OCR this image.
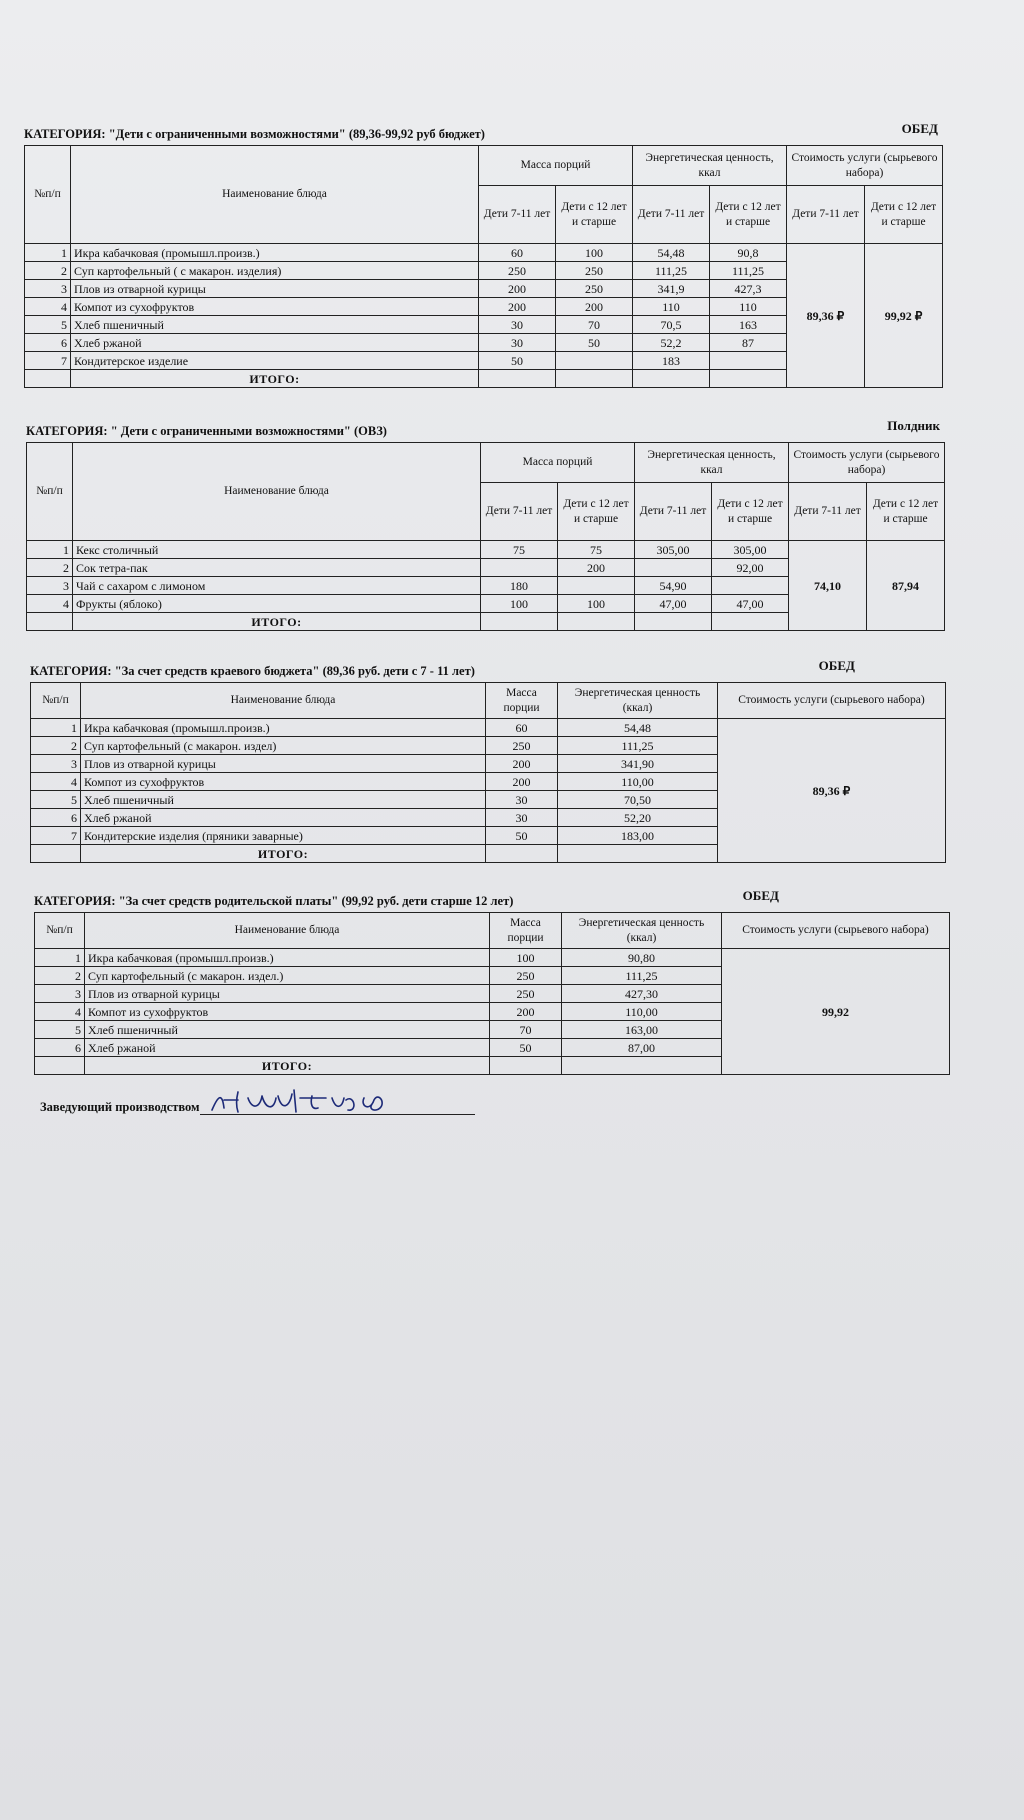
КАТЕГОРИЯ: "Дети с ограниченными возможностями" (89,36-99,92 руб бюджет)	ОБЕД
№п/п	Наименование блюда	Масса порций		Энергетическая ценность, ккал		Стоимость услуги (сырьевого набора)	
		Дети 7-11 лет	Дети с 12 лет и старше	Дети 7-11 лет	Дети с 12 лет и старше	Дети 7-11 лет	Дети с 12 лет и старше
1	Икра кабачковая (промышл.произв.)	60	100	54,48	90,8	89,36 ₽	99,92 ₽
2	Суп картофельный ( с макарон. изделия)	250	250	111,25	111,25		
3	Плов из отварной курицы	200	250	341,9	427,3		
4	Компот из сухофруктов	200	200	110	110		
5	Хлеб пшеничный	30	70	70,5	163		
6	Хлеб ржаной	30	50	52,2	87		
7	Кондитерское изделие	50		183			
	ИТОГО:						
КАТЕГОРИЯ: " Дети с ограниченными возможностями" (ОВЗ)	Полдник
№п/п	Наименование блюда	Масса порций		Энергетическая ценность, ккал		Стоимость услуги (сырьевого набора)	
		Дети 7-11 лет	Дети с 12 лет и старше	Дети 7-11 лет	Дети с 12 лет и старше	Дети 7-11 лет	Дети с 12 лет и старше
1	Кекс столичный	75	75	305,00	305,00	74,10	87,94
2	Сок тетра-пак		200		92,00		
3	Чай с сахаром с лимоном	180		54,90			
4	Фрукты (яблоко)	100	100	47,00	47,00		
	ИТОГО:						
КАТЕГОРИЯ: "За счет средств краевого бюджета" (89,36 руб. дети с 7 - 11 лет)	ОБЕД
№п/п	Наименование блюда	Масса порции	Энергетическая ценность (ккал)	Стоимость услуги (сырьевого набора)
1	Икра кабачковая (промышл.произв.)	60	54,48	89,36 ₽
2	Суп картофельный (с макарон. издел)	250	111,25	
3	Плов из отварной курицы	200	341,90	
4	Компот из сухофруктов	200	110,00	
5	Хлеб пшеничный	30	70,50	
6	Хлеб ржаной	30	52,20	
7	Кондитерские изделия (пряники заварные)	50	183,00	
	ИТОГО:			
КАТЕГОРИЯ: "За счет средств родительской платы" (99,92 руб. дети старше 12 лет)	ОБЕД
№п/п	Наименование блюда	Масса порции	Энергетическая ценность (ккал)	Стоимость услуги (сырьевого набора)
1	Икра кабачковая (промышл.произв.)	100	90,80	99,92
2	Суп картофельный (с макарон. издел.)	250	111,25	
3	Плов из отварной курицы	250	427,30	
4	Компот из сухофруктов	200	110,00	
5	Хлеб пшеничный	70	163,00	
6	Хлеб ржаной	50	87,00	
	ИТОГО:			
Заведующий производством
